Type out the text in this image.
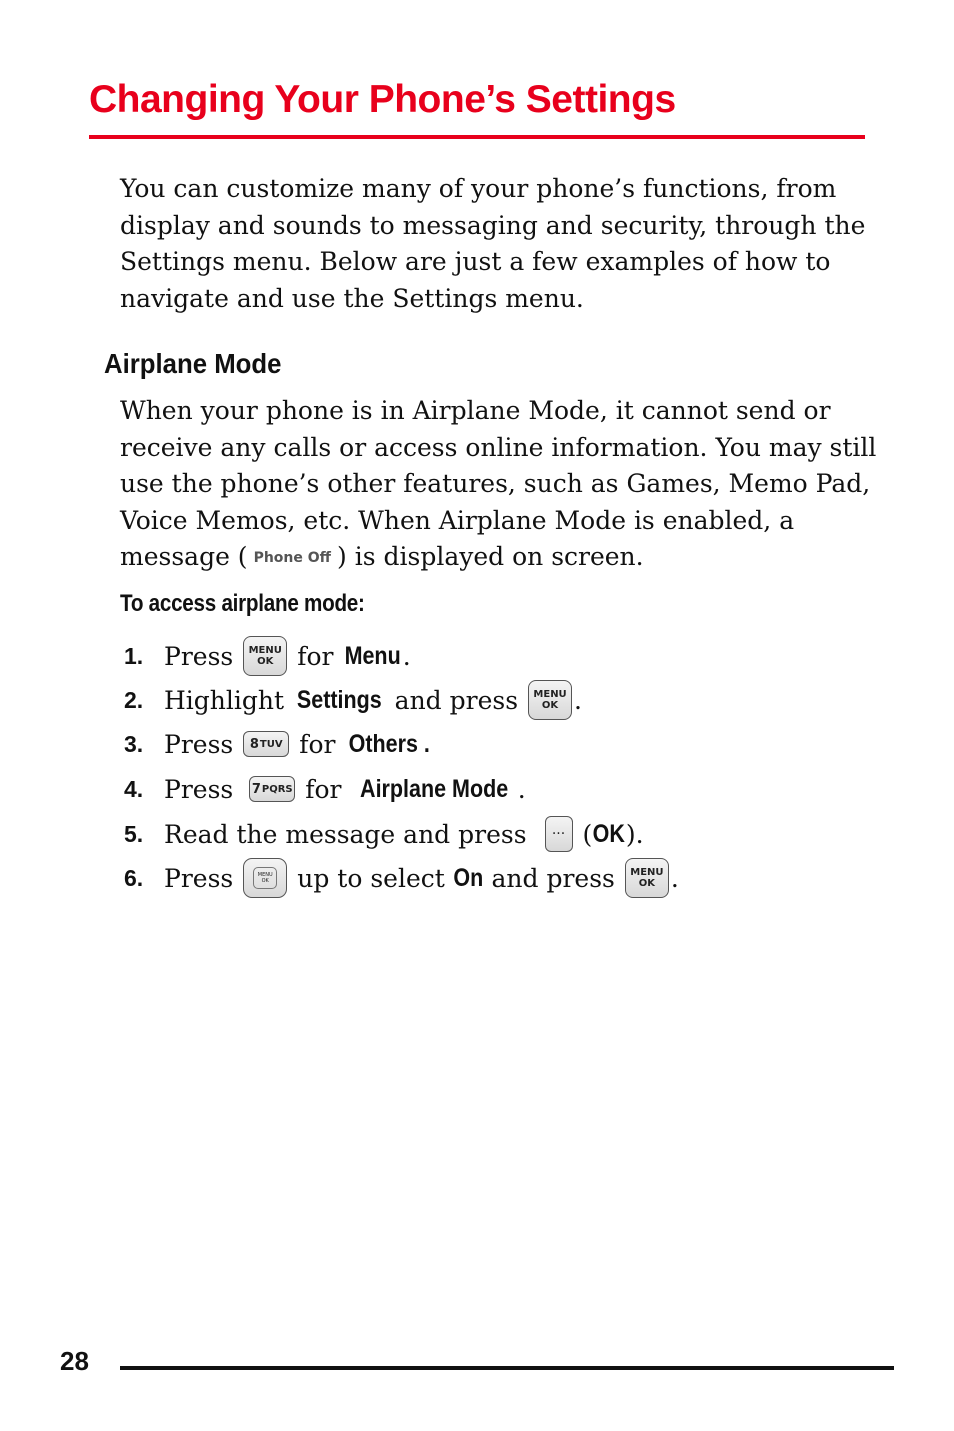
Changing Your Phone’s Settings
You can customize many of your phone’s functions, from display and sounds to messaging and security, through the Settings menu. Below are just a few examples of how to navigate and use the Settings menu.
Airplane Mode
When your phone is in Airplane Mode, it cannot send or receive any calls or access online information. You may still use the phone’s other features, such as Games, Memo Pad, Voice Memos, etc. When Airplane Mode is enabled, a message ( Phone Off ) is displayed on screen.
To access airplane mode:
1. Press MENU
OK for Menu .
2. Highlight Settings and press MENU
OK .
3. Press 8 TUV for Others .
4. Press 7 PQRS for Airplane Mode .
5. Read the message and press	··· ( OK ).
6. Press	MENU
OK up to select On and press MENU
OK .
28
